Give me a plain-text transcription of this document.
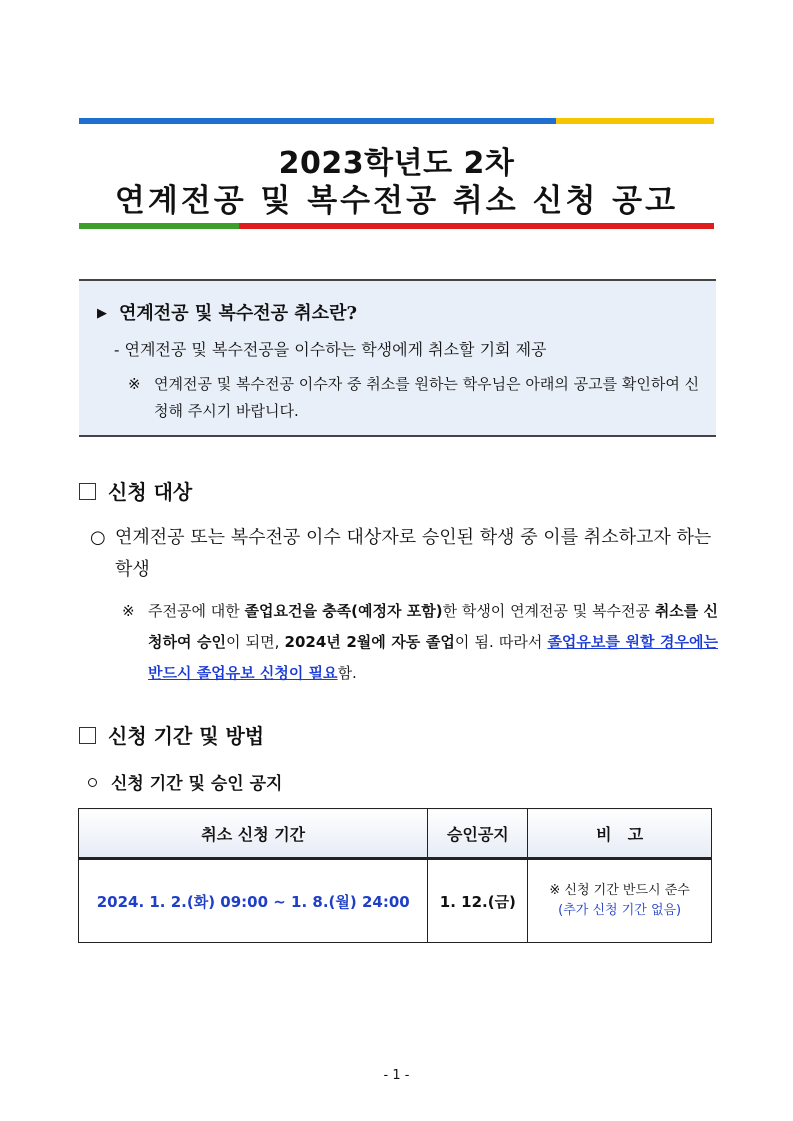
2023학년도 2차
연계전공 및 복수전공 취소 신청 공고
▶ 연계전공 및 복수전공 취소란?
- 연계전공 및 복수전공을 이수하는 학생에게 취소할 기회 제공
※ 연계전공 및 복수전공 이수자 중 취소를 원하는 학우님은 아래의 공고를 확인하여 신청해 주시기 바랍니다.
신청 대상
○ 연계전공 또는 복수전공 이수 대상자로 승인된 학생 중 이를 취소하고자 하는 학생
※ 주전공에 대한 졸업요건을 충족(예정자 포함)한 학생이 연계전공 및 복수전공 취소를 신청하여 승인이 되면, 2024년 2월에 자동 졸업이 됨. 따라서 졸업유보를 원할 경우에는 반드시 졸업유보 신청이 필요함.
신청 기간 및 방법
신청 기간 및 승인 공지
취소 신청 기간	승인공지	비　고
2024. 1. 2.(화) 09:00 ~ 1. 8.(월) 24:00	1. 12.(금)	※ 신청 기간 반드시 준수
(추가 신청 기간 없음)
- 1 -
